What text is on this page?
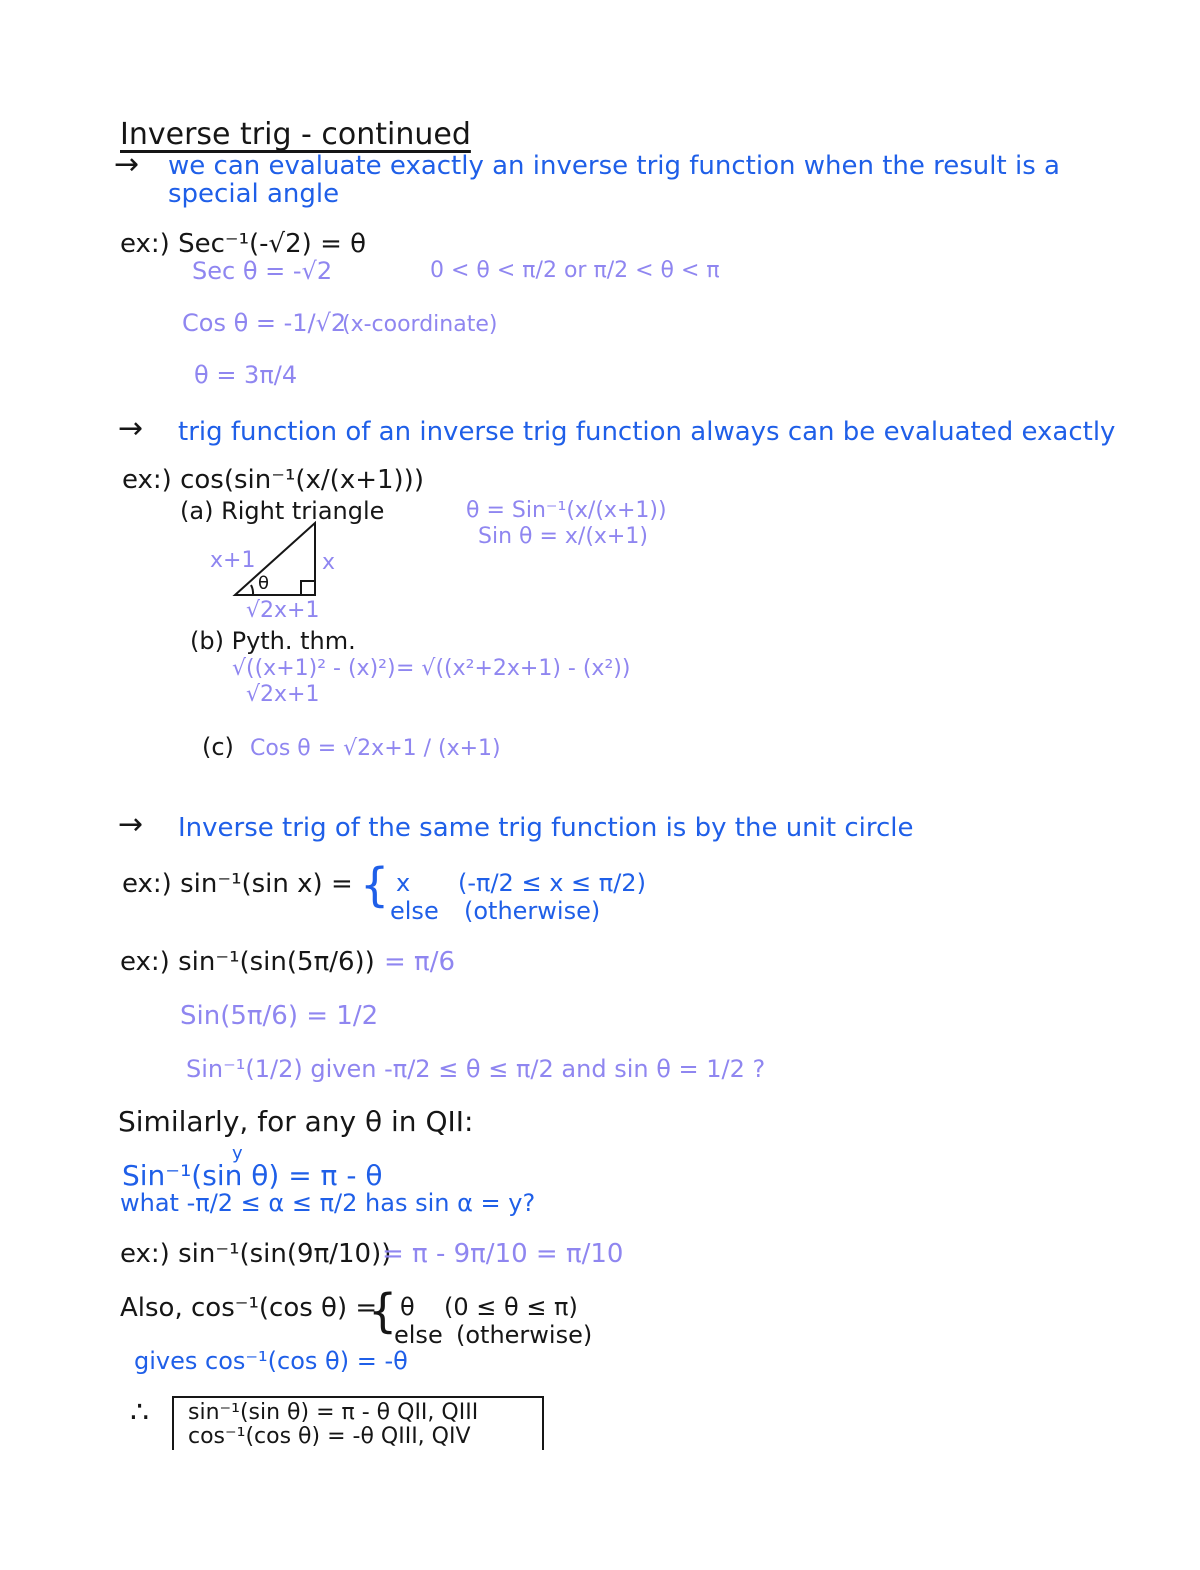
Inverse trig - continued
→ we can evaluate exactly an inverse trig function when the result is a
special angle
ex:) Sec⁻¹(-√2) = θ
Sec θ = -√2	0 < θ < π/2 or π/2 < θ < π
Cos θ = -1/√2
(x-coordinate)
θ = 3π/4
→ trig function of an inverse trig function always can be evaluated exactly
ex:) cos(sin⁻¹(x/(x+1)))
(a) Right triangle	θ = Sin⁻¹(x/(x+1))
Sin θ = x/(x+1)
x+1	x
θ
√2x+1
(b) Pyth. thm.
√((x+1)² - (x)²) = √((x²+2x+1) - (x²))
√2x+1
(c) Cos θ = √2x+1 / (x+1)
→ Inverse trig of the same trig function is by the unit circle
ex:) sin⁻¹(sin x) = { x (-π/2 ≤ x ≤ π/2)
else (otherwise)
ex:) sin⁻¹(sin(5π/6)) = π/6
Sin(5π/6) = 1/2
Sin⁻¹(1/2) given -π/2 ≤ θ ≤ π/2 and sin θ = 1/2 ?
Similarly, for any θ in QII:
y
Sin⁻¹(sin θ) = π - θ
what -π/2 ≤ α ≤ π/2 has sin α = y?
ex:) sin⁻¹(sin(9π/10))
= π - 9π/10 = π/10
Also, cos⁻¹(cos θ) =
{ θ (0 ≤ θ ≤ π)
else (otherwise)
gives cos⁻¹(cos θ) = -θ
∴ sin⁻¹(sin θ) = π - θ QII, QIII
cos⁻¹(cos θ) = -θ QIII, QIV
